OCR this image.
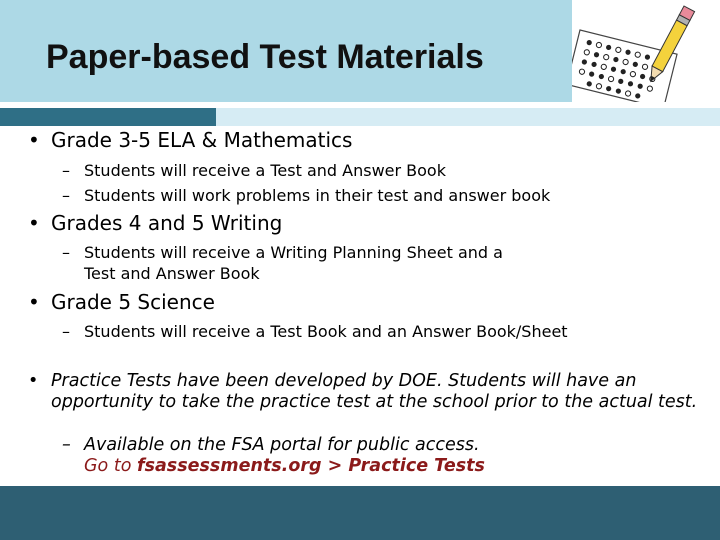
Paper-based Test Materials
• Grade 3-5 ELA & Mathematics
– Students will receive a Test and Answer Book
– Students will work problems in their test and answer book
• Grades 4 and 5 Writing
– Students will receive a Writing Planning Sheet and a
Test and Answer Book
• Grade 5 Science
– Students will receive a Test Book and an Answer Book/Sheet
• Practice Tests have been developed by DOE. Students will have an opportunity to take the practice test at the school prior to the actual test.
– Available on the FSA portal for public access.
Go to fsassessments.org > Practice Tests
